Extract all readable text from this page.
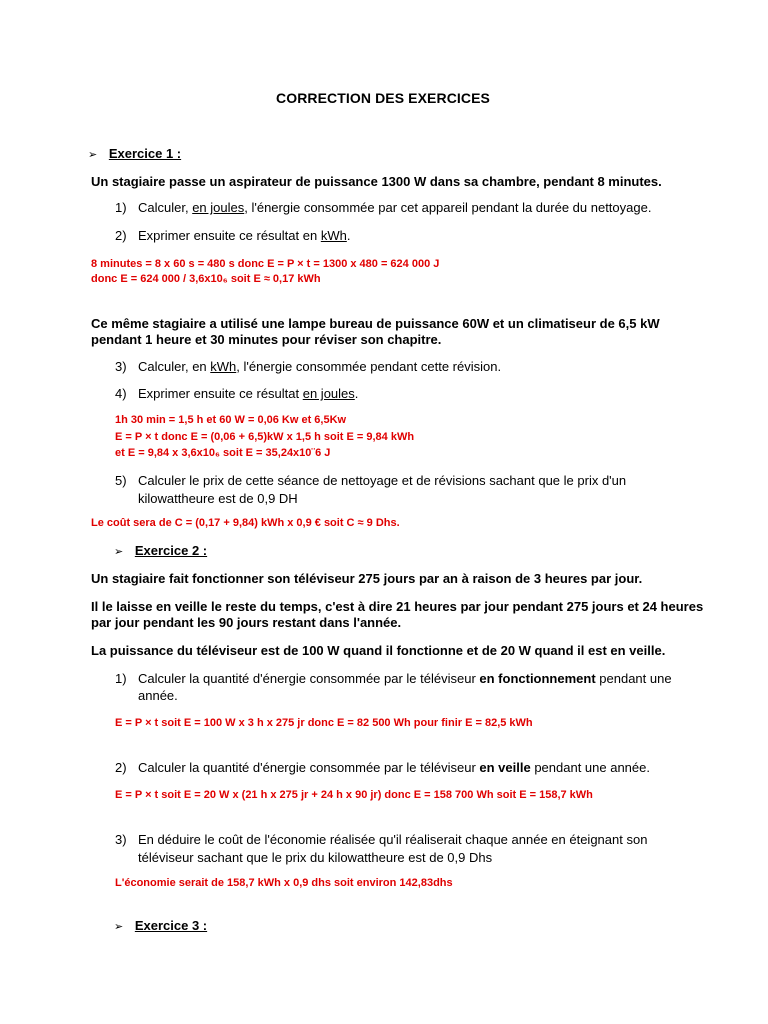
CORRECTION DES EXERCICES
➢ Exercice 1 :
Un stagiaire passe un aspirateur de puissance 1300 W dans sa chambre, pendant 8 minutes.
1) Calculer, en joules, l'énergie consommée par cet appareil pendant la durée du nettoyage.
2) Exprimer ensuite ce résultat en kWh.
8 minutes = 8 x 60 s = 480 s donc E = P × t = 1300 x 480 = 624 000 J
donc E = 624 000 / 3,6x10₆ soit E ≈ 0,17 kWh
Ce même stagiaire a utilisé une lampe bureau de puissance 60W et un climatiseur de 6,5 kW
pendant 1 heure et 30 minutes pour réviser son chapitre.
3) Calculer, en kWh, l'énergie consommée pendant cette révision.
4) Exprimer ensuite ce résultat en joules.
1h 30 min = 1,5 h et 60 W = 0,06 Kw et 6,5Kw
E = P × t donc E = (0,06 + 6,5)kW x 1,5 h soit E = 9,84 kWh
et E = 9,84 x 3,6x10₆ soit E = 35,24x10¨6 J
5) Calculer le prix de cette séance de nettoyage et de révisions sachant que le prix d'un
kilowattheure est de 0,9 DH
Le coût sera de C = (0,17 + 9,84) kWh x 0,9 € soit C ≈ 9 Dhs.
➢ Exercice 2 :
Un stagiaire fait fonctionner son téléviseur 275 jours par an à raison de 3 heures par jour.
Il le laisse en veille le reste du temps, c'est à dire 21 heures par jour pendant 275 jours et 24 heures
par jour pendant les 90 jours restant dans l'année.
La puissance du téléviseur est de 100 W quand il fonctionne et de 20 W quand il est en veille.
1) Calculer la quantité d'énergie consommée par le téléviseur en fonctionnement pendant une
année.
E = P × t soit E = 100 W x 3 h x 275 jr donc E = 82 500 Wh pour finir E = 82,5 kWh
2) Calculer la quantité d'énergie consommée par le téléviseur en veille pendant une année.
E = P × t soit E = 20 W x (21 h x 275 jr + 24 h x 90 jr) donc E = 158 700 Wh soit E = 158,7 kWh
3) En déduire le coût de l'économie réalisée qu'il réaliserait chaque année en éteignant son
téléviseur sachant que le prix du kilowattheure est de 0,9 Dhs
L'économie serait de 158,7 kWh x 0,9 dhs soit environ 142,83dhs
➢ Exercice 3 :
